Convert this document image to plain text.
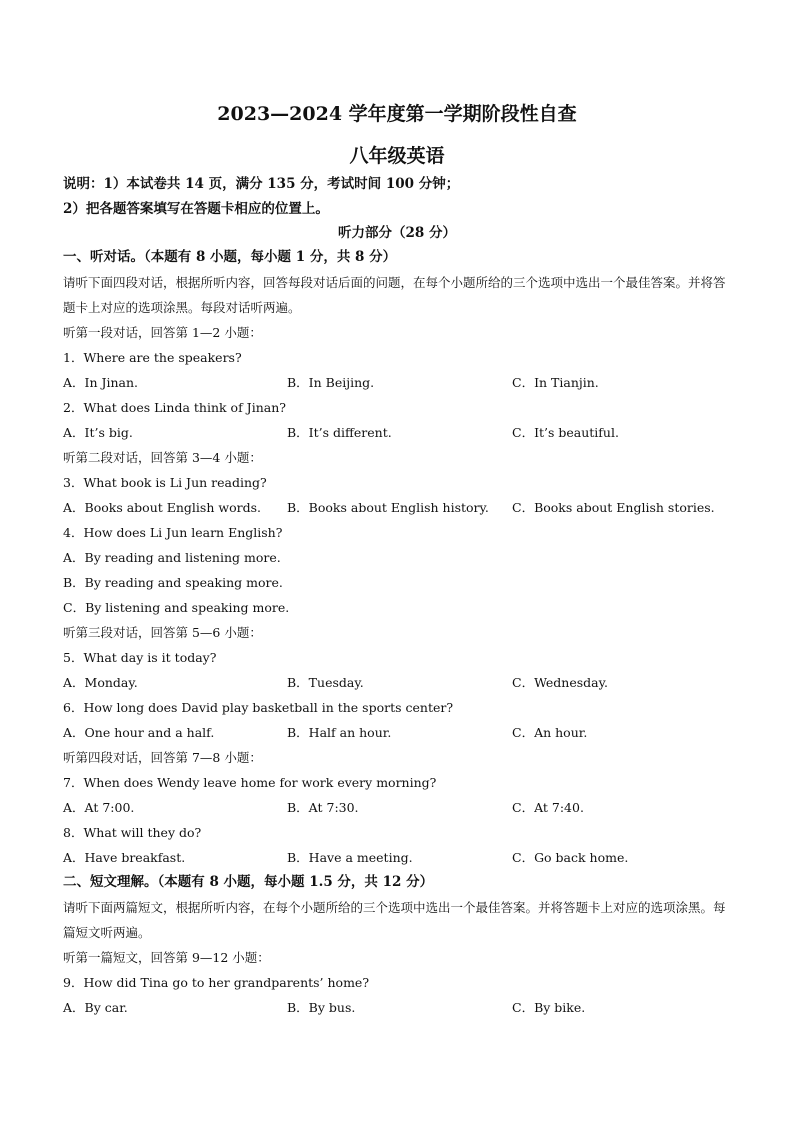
2023—2024 学年度第一学期阶段性自查
八年级英语
说明：1）本试卷共 14 页，满分 135 分，考试时间 100 分钟；
2）把各题答案填写在答题卡相应的位置上。
听力部分（28 分）
一、听对话。（本题有 8 小题，每小题 1 分，共 8 分）
请听下面四段对话，根据所听内容，回答每段对话后面的问题，在每个小题所给的三个选项中选出一个最佳答案。并将答题卡上对应的选项涂黑。每段对话听两遍。
听第一段对话，回答第 1—2 小题：
1．Where are the speakers?
A．In Jinan.	B．In Beijing.	C．In Tianjin.
2．What does Linda think of Jinan?
A．It’s big.	B．It’s different.	C．It’s beautiful.
听第二段对话，回答第 3—4 小题：
3．What book is Li Jun reading?
A．Books about English words. B．Books about English history. C．Books about English stories.
4．How does Li Jun learn English?
A．By reading and listening more.
B．By reading and speaking more.
C．By listening and speaking more.
听第三段对话，回答第 5—6 小题：
5．What day is it today?
A．Monday.	B．Tuesday.	C．Wednesday.
6．How long does David play basketball in the sports center?
A．One hour and a half.	B．Half an hour.	C．An hour.
听第四段对话，回答第 7—8 小题：
7．When does Wendy leave home for work every morning?
A．At 7:00.	B．At 7:30.	C．At 7:40.
8．What will they do?
A．Have breakfast.	B．Have a meeting.	C．Go back home.
二、短文理解。（本题有 8 小题，每小题 1.5 分，共 12 分）
请听下面两篇短文，根据所听内容，在每个小题所给的三个选项中选出一个最佳答案。并将答题卡上对应的选项涂黑。每篇短文听两遍。
听第一篇短文，回答第 9—12 小题：
9．How did Tina go to her grandparents’ home?
A．By car.	B．By bus.	C．By bike.
